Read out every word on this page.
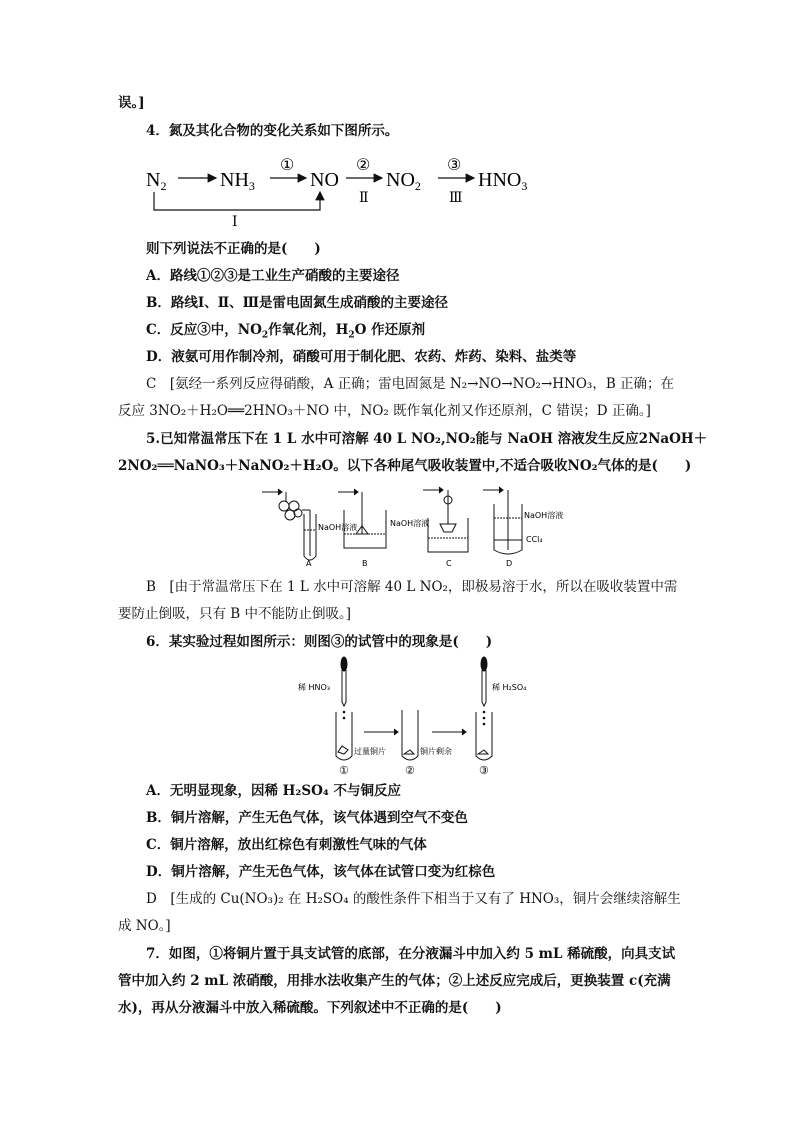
误。]
4．氮及其化合物的变化关系如下图所示。
$N_2$	$NH_3$
①
NO
②
Ⅱ
$NO_2$
③
Ⅲ
$HNO_3$
Ⅰ
则下列说法不正确的是(　　)
A．路线①②③是工业生产硝酸的主要途径
B．路线Ⅰ、Ⅱ、Ⅲ是雷电固氮生成硝酸的主要途径
C．反应③中，$NO_2$作氧化剂，$H_2O$ 作还原剂
D．液氨可用作制冷剂，硝酸可用于制化肥、农药、炸药、染料、盐类等
C　[氨经一系列反应得硝酸，A 正确；雷电固氮是 N₂→NO→NO₂→HNO₃，B 正确；在
反应 3NO₂＋H₂O══2HNO₃＋NO 中，NO₂ 既作氧化剂又作还原剂，C 错误；D 正确。]
5.已知常温常压下在 1 L 水中可溶解 40 L NO₂,NO₂能与 NaOH 溶液发生反应2NaOH＋
2NO₂══NaNO₃＋NaNO₂＋H₂O。以下各种尾气吸收装置中,不适合吸收NO₂气体的是(　　)
NaOH溶液	NaOH溶液
NaOH溶液
CCl₄
A	B	C	D
B　[由于常温常压下在 1 L 水中可溶解 40 L NO₂，即极易溶于水，所以在吸收装置中需
要防止倒吸，只有 B 中不能防止倒吸。]
6．某实验过程如图所示：则图③的试管中的现象是(　　)
稀 HNO₃	稀 H₂SO₄
过量铜片	铜片剩余
①	②	③
A．无明显现象，因稀 H₂SO₄ 不与铜反应
B．铜片溶解，产生无色气体，该气体遇到空气不变色
C．铜片溶解，放出红棕色有刺激性气味的气体
D．铜片溶解，产生无色气体，该气体在试管口变为红棕色
D　[生成的 Cu(NO₃)₂ 在 H₂SO₄ 的酸性条件下相当于又有了 HNO₃，铜片会继续溶解生
成 NO。]
7．如图，①将铜片置于具支试管的底部，在分液漏斗中加入约 5 mL 稀硫酸，向具支试
管中加入约 2 mL 浓硝酸，用排水法收集产生的气体；②上述反应完成后，更换装置 c(充满
水)，再从分液漏斗中放入稀硫酸。下列叙述中不正确的是(　　)
